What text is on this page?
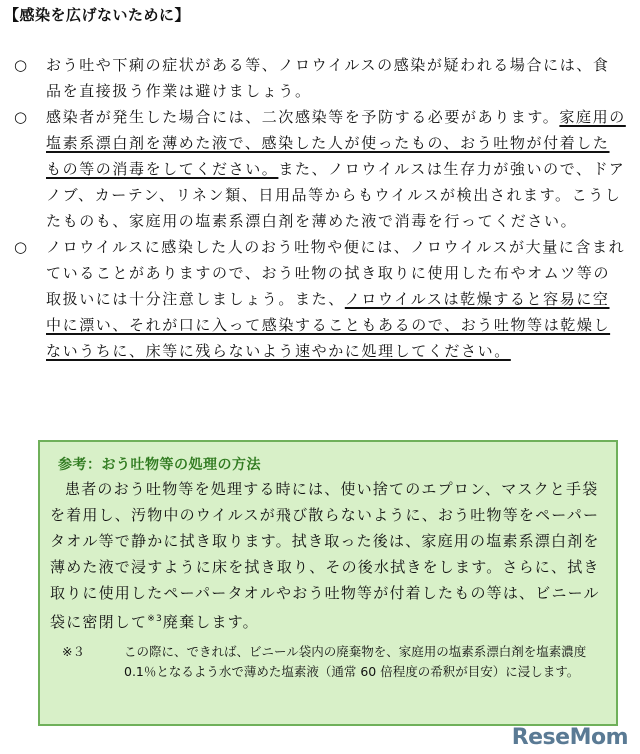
【感染を広げないために】
○	おう吐や下痢の症状がある等、ノロウイルスの感染が疑われる場合には、食品を直接扱う作業は避けましょう。
○	感染者が発生した場合には、二次感染等を予防する必要があります。家庭用の塩素系漂白剤を薄めた液で、感染した人が使ったもの、おう吐物が付着したもの等の消毒をしてください。また、ノロウイルスは生存力が強いので、ドアノブ、カーテン、リネン類、日用品等からもウイルスが検出されます。こうしたものも、家庭用の塩素系漂白剤を薄めた液で消毒を行ってください。
○	ノロウイルスに感染した人のおう吐物や便には、ノロウイルスが大量に含まれていることがありますので、おう吐物の拭き取りに使用した布やオムツ等の取扱いには十分注意しましょう。また、ノロウイルスは乾燥すると容易に空中に漂い、それが口に入って感染することもあるので、おう吐物等は乾燥しないうちに、床等に残らないよう速やかに処理してください。
参考：おう吐物等の処理の方法
患者のおう吐物等を処理する時には、使い捨てのエプロン、マスクと手袋を着用し、汚物中のウイルスが飛び散らないように、おう吐物等をペーパータオル等で静かに拭き取ります。拭き取った後は、家庭用の塩素系漂白剤を薄めた液で浸すように床を拭き取り、その後水拭きをします。さらに、拭き取りに使用したペーパータオルやおう吐物等が付着したもの等は、ビニール袋に密閉して$^{※3}$廃棄します。
※３	この際に、できれば、ビニール袋内の廃棄物を、家庭用の塩素系漂白剤を塩素濃度 0.1％となるよう水で薄めた塩素液（通常 60 倍程度の希釈が目安）に浸します。
ReseMom
